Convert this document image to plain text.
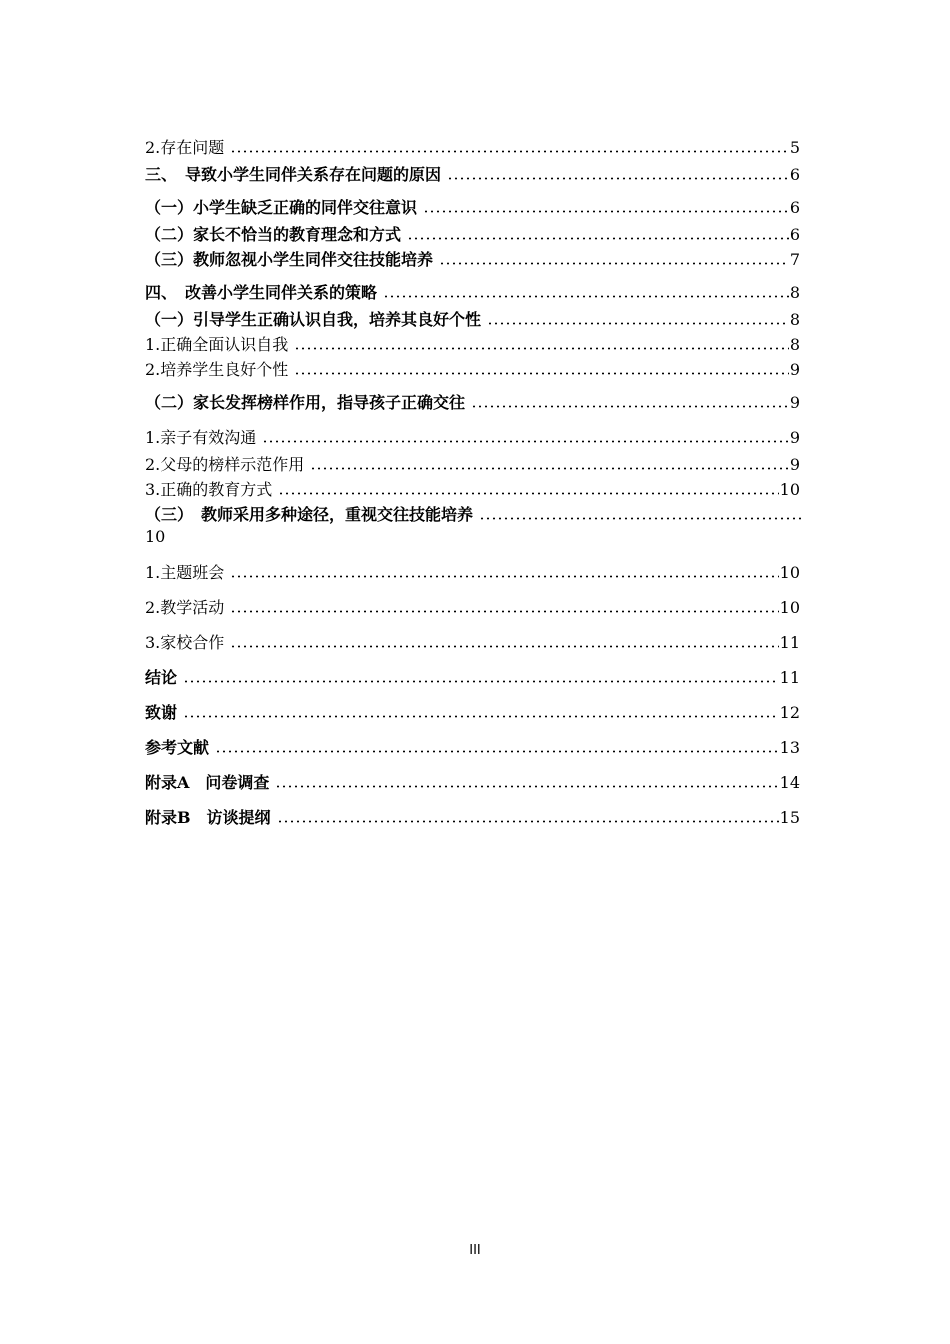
2.存在问题	5
三、　导致小学生同伴关系存在问题的原因	6
（一）小学生缺乏正确的同伴交往意识	6
（二）家长不恰当的教育理念和方式	6
（三）教师忽视小学生同伴交往技能培养	7
四、　改善小学生同伴关系的策略	8
（一）引导学生正确认识自我，培养其良好个性	8
1.正确全面认识自我	8
2.培养学生良好个性	9
（二）家长发挥榜样作用，指导孩子正确交往	9
1.亲子有效沟通	9
2.父母的榜样示范作用	9
3.正确的教育方式	10
（三）　教师采用多种途径，重视交往技能培养
10
1.主题班会	10
2.教学活动	10
3.家校合作	11
结论	11
致谢	12
参考文献	13
附录A　问卷调查	14
附录B　访谈提纲	15
III
